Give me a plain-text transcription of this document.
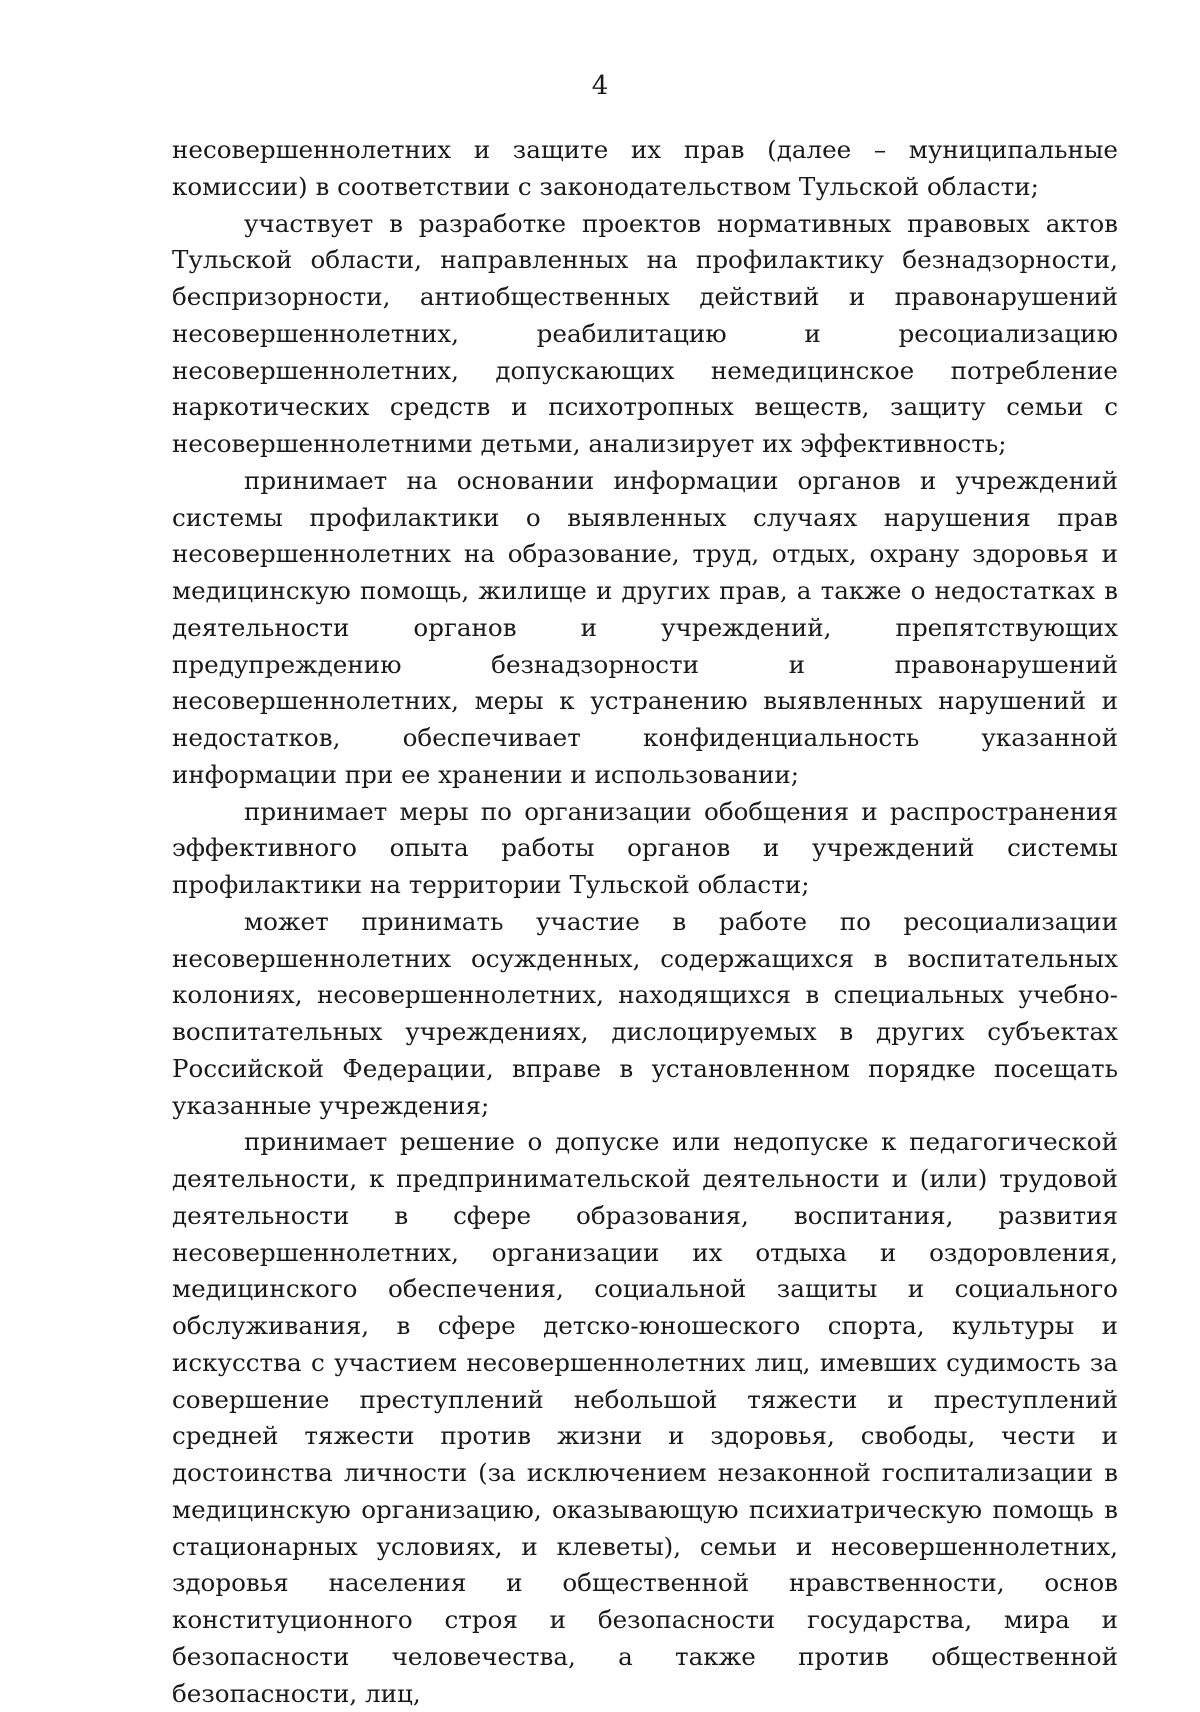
4

несовершеннолетних и защите их прав (далее – муниципальные комиссии) в соответствии с законодательством Тульской области;

участвует в разработке проектов нормативных правовых актов Тульской области, направленных на профилактику безнадзорности, беспризорности, антиобщественных действий и правонарушений несовершеннолетних, реабилитацию и ресоциализацию несовершеннолетних, допускающих немедицинское потребление наркотических средств и психотропных веществ, защиту семьи с несовершеннолетними детьми, анализирует их эффективность;

принимает на основании информации органов и учреждений системы профилактики о выявленных случаях нарушения прав несовершеннолетних на образование, труд, отдых, охрану здоровья и медицинскую помощь, жилище и других прав, а также о недостатках в деятельности органов и учреждений, препятствующих предупреждению безнадзорности и правонарушений несовершеннолетних, меры к устранению выявленных нарушений и недостатков, обеспечивает конфиденциальность указанной информации при ее хранении и использовании;

принимает меры по организации обобщения и распространения эффективного опыта работы органов и учреждений системы профилактики на территории Тульской области;

может принимать участие в работе по ресоциализации несовершеннолетних осужденных, содержащихся в воспитательных колониях, несовершеннолетних, находящихся в специальных учебно-воспитательных учреждениях, дислоцируемых в других субъектах Российской Федерации, вправе в установленном порядке посещать указанные учреждения;

принимает решение о допуске или недопуске к педагогической деятельности, к предпринимательской деятельности и (или) трудовой деятельности в сфере образования, воспитания, развития несовершеннолетних, организации их отдыха и оздоровления, медицинского обеспечения, социальной защиты и социального обслуживания, в сфере детско-юношеского спорта, культуры и искусства с участием несовершеннолетних лиц, имевших судимость за совершение преступлений небольшой тяжести и преступлений средней тяжести против жизни и здоровья, свободы, чести и достоинства личности (за исключением незаконной госпитализации в медицинскую организацию, оказывающую психиатрическую помощь в стационарных условиях, и клеветы), семьи и несовершеннолетних, здоровья населения и общественной нравственности, основ конституционного строя и безопасности государства, мира и безопасности человечества, а также против общественной безопасности, лиц,
